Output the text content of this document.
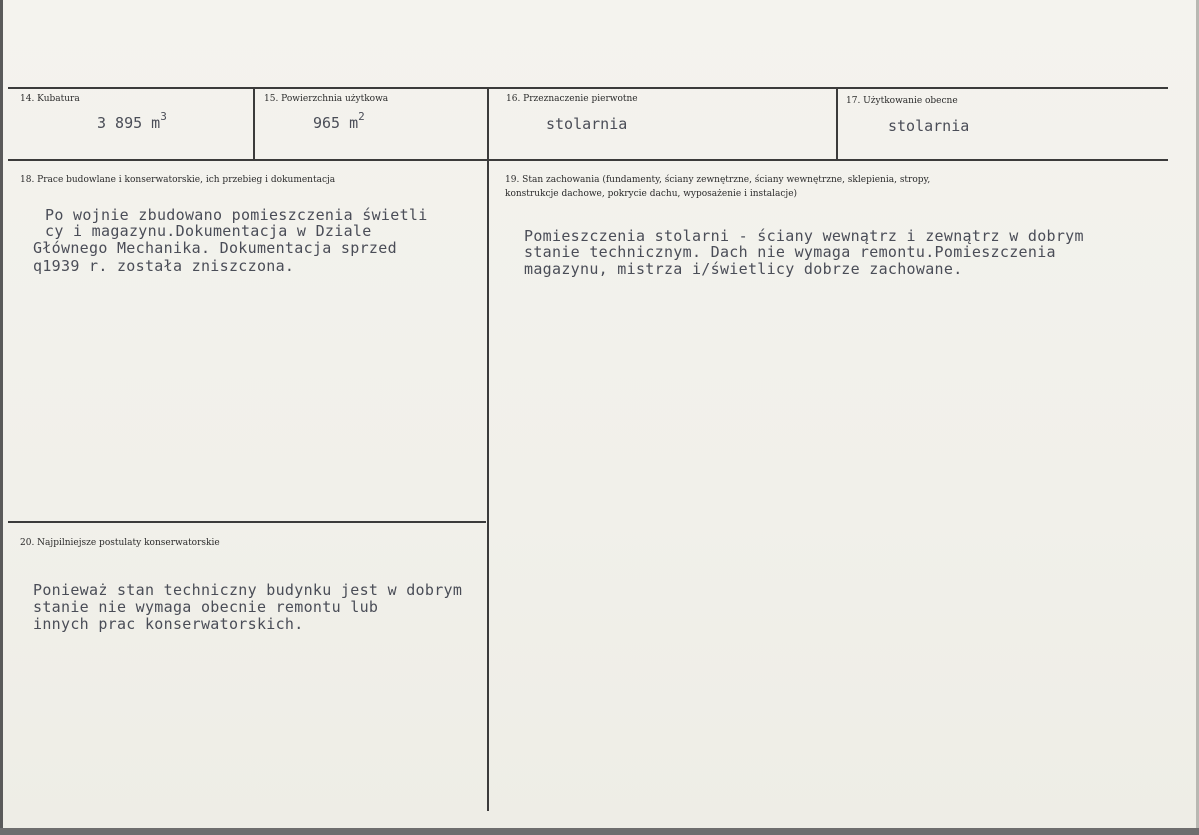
14. Kubatura
3 895 $m^3$
15. Powierzchnia użytkowa
965 $m^2$
16. Przeznaczenie pierwotne
stolarnia
17. Użytkowanie obecne
stolarnia
18. Prace budowlane i konserwatorskie, ich przebieg i dokumentacja
Po wojnie zbudowano pomieszczenia świetli
cy i magazynu.Dokumentacja w Dziale
Głównego Mechanika. Dokumentacja sprzed
q1939 r. została zniszczona.
19. Stan zachowania (fundamenty, ściany zewnętrzne, ściany wewnętrzne, sklepienia, stropy,
konstrukcje dachowe, pokrycie dachu, wyposażenie i instalacje)
Pomieszczenia stolarni - ściany wewnątrz i zewnątrz w dobrym
stanie technicznym. Dach nie wymaga remontu.Pomieszczenia
magazynu, mistrza i/świetlicy dobrze zachowane.
20. Najpilniejsze postulaty konserwatorskie
Ponieważ stan techniczny budynku jest w dobrym
stanie nie wymaga obecnie remontu lub
innych prac konserwatorskich.
